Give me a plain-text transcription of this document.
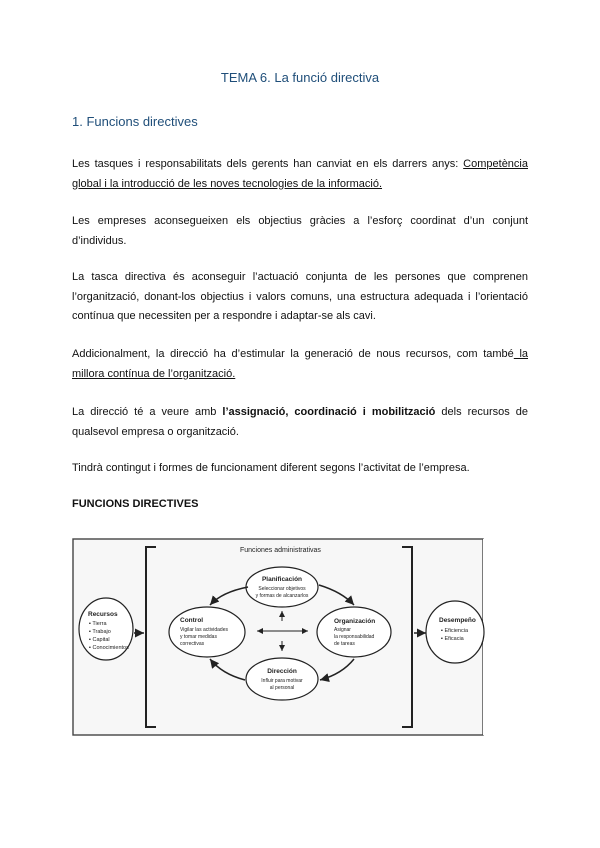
TEMA 6. La funció directiva
1. Funcions directives

Les tasques i responsabilitats dels gerents han canviat en els darrers anys: Competència global i la introducció de les noves tecnologies de la informació.

Les empreses aconsegueixen els objectius gràcies a l’esforç coordinat d’un conjunt d’individus.

La tasca directiva és aconseguir l’actuació conjunta de les persones que comprenen l’organització, donant-los objectius i valors comuns, una estructura adequada i l’orientació contínua que necessiten per a respondre i adaptar-se als cavi.

Addicionalment, la direcció ha d’estimular la generació de nous recursos, com també la millora contínua de l’organització.

La direcció té a veure amb l’assignació, coordinació i mobilització dels recursos de qualsevol empresa o organització.

Tindrà contingut i formes de funcionament diferent segons l’activitat de l’empresa.

FUNCIONS DIRECTIVES
Funciones administrativas
Recursos
▪ Tierra
▪ Trabajo
▪ Capital
▪ Conocimientos
Planificación
Seleccionar objetivos
y formas de alcanzarlos
Control
Vigilar las actividades
y tomar medidas
correctivas
Organización
Asignar
la responsabilidad
de tareas
Dirección
Influir para motivar
al personal
Desempeño
▪ Eficiencia
▪ Eficacia
